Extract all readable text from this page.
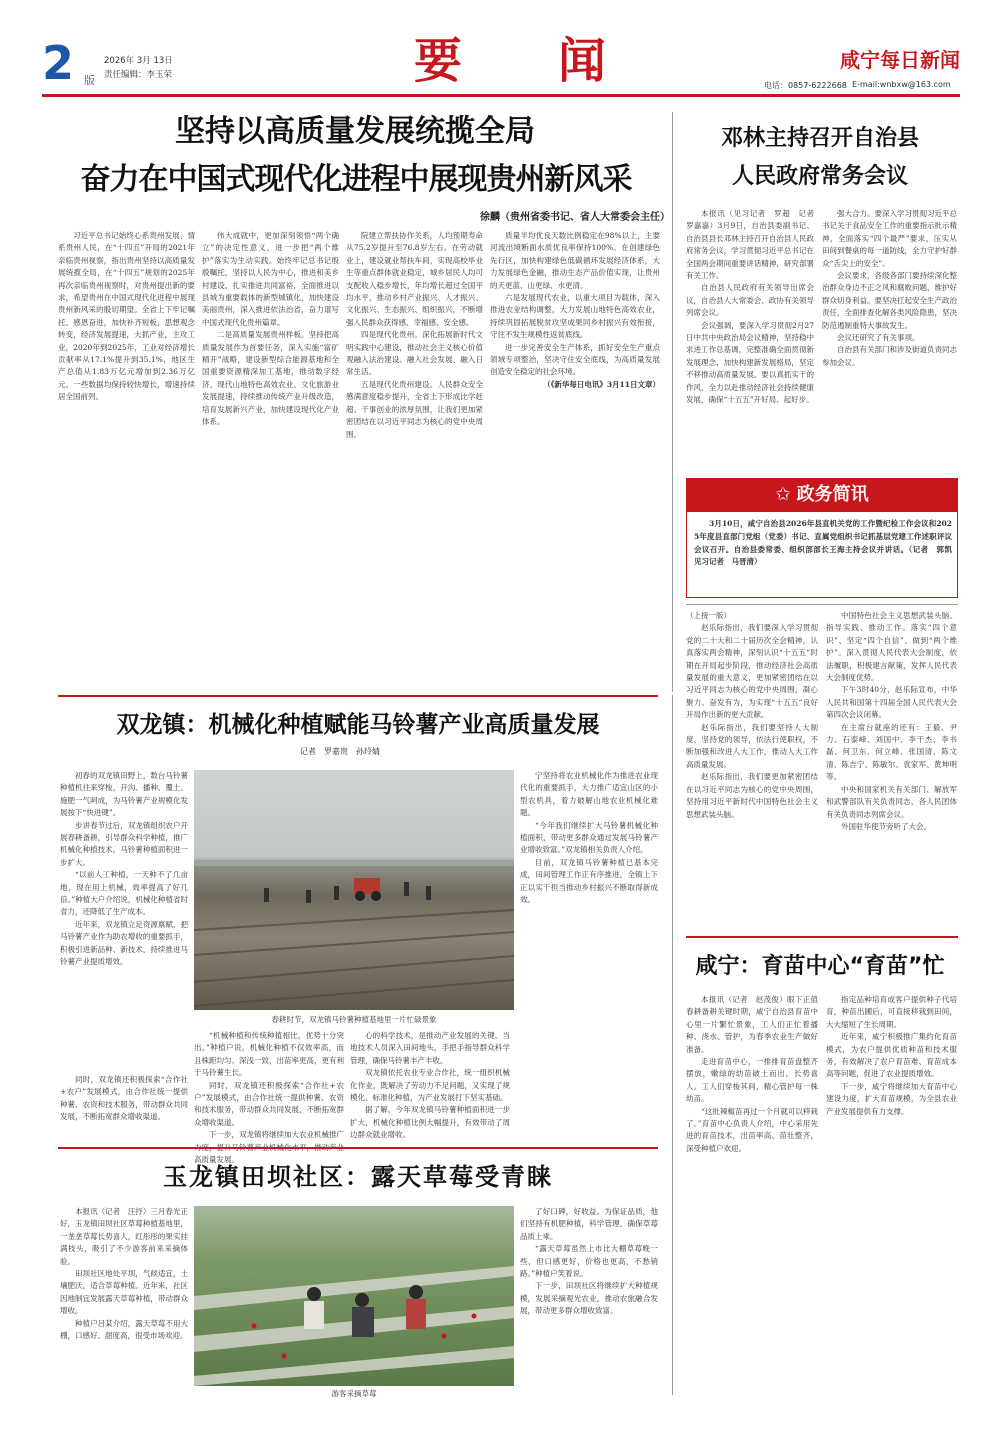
2 版
2026年 3月 13日
责任编辑：李玉荣	要　　闻	咸宁每日新闻
电话：0857-6222668 E-mail:wnbxw@163.com
坚持以高质量发展统揽全局
奋力在中国式现代化进程中展现贵州新风采
徐麟（贵州省委书记、省人大常委会主任）

习近平总书记始终心系贵州发展、情系贵州人民，在“十四五”开局的2021年亲临贵州视察，指出贵州坚持以高质量发展统揽全局，在“十四五”规划的2025年再次亲临贵州视察时，对贵州提出新的要求，希望贵州在中国式现代化进程中展现贵州新风采的殷切期望。全省上下牢记嘱托、感恩奋进，加快补齐短板，思想观念转变，经济发展提速，大抓产业，主攻工业，2020年到2025年，工业对经济增长贡献率从17.1%提升到35.1%，地区生产总值从1.83万亿元增加到2.36万亿元。一些数据均保持较快增长，增速持续居全国前列。

伟大成就中，更加深刻领悟“两个确立”的决定性意义，进一步把“两个维护”落实为生动实践。始终牢记总书记殷殷嘱托，坚持以人民为中心，推进和美乡村建设，扎实推进共同富裕，全面推进以县城为重要载体的新型城镇化，加快建设美丽贵州，深入推进依法治省，奋力谱写中国式现代化贵州篇章。

二是高质量发展贵州样板。坚持把高质量发展作为首要任务，深入实施“富矿精开”战略，建设新型综合能源基地和全国重要资源精深加工基地，推动数字经济、现代山地特色高效农业、文化旅游业发展提速，持续推动传统产业升级改造，培育发展新兴产业，加快建设现代化产业体系。

院建立帮扶协作关系，人均预期寿命从75.2岁提升至76.8岁左右。在劳动就业上，建设就业帮扶车间，实现高校毕业生等重点群体就业稳定，城乡居民人均可支配收入稳步增长，年均增长超过全国平均水平，推动乡村产业振兴、人才振兴、文化振兴、生态振兴、组织振兴，不断增强人民群众获得感、幸福感、安全感。

四是现代化贵州。深化拓展新时代文明实践中心建设，推动社会主义核心价值观融入法治建设、融入社会发展、融入日常生活。

五是现代化贵州建设。人民群众安全感满意度稳步提升，全省上下形成比学赶超、干事创业的浓厚氛围，让我们更加紧密团结在以习近平同志为核心的党中央周围。

质量半均优良天数比例稳定在98%以上，主要河流出境断面水质优良率保持100%。在创建绿色先行区，加快构建绿色低碳循环发展经济体系，大力发展绿色金融，推动生态产品价值实现，让贵州的天更蓝、山更绿、水更清。

六是发展现代农业，以重大项目为载体，深入推进农业结构调整，大力发展山地特色高效农业，持续巩固拓展脱贫攻坚成果同乡村振兴有效衔接，守住不发生规模性返贫底线。

进一步完善安全生产体系，抓好安全生产重点领域专项整治，坚决守住安全底线，为高质量发展创造安全稳定的社会环境。

（《新华每日电讯》3月11日文章）

邓林主持召开自治县
人民政府常务会议

本报讯（见习记者　罗超　记者　罗嘉嘉）3月9日，自治县委副书记、自治县县长邓林主持召开自治县人民政府常务会议，学习贯彻习近平总书记在全国两会期间重要讲话精神，研究部署有关工作。

自治县人民政府有关领导出席会议，自治县人大常委会、政协有关领导列席会议。

会议强调，要深入学习贯彻2月27日中共中央政治局会议精神，坚持稳中求进工作总基调，完整准确全面贯彻新发展理念，加快构建新发展格局，坚定不移推动高质量发展。要以真抓实干的作风，全力以赴推动经济社会持续健康发展，确保“十五五”开好局、起好步。

强大合力。要深入学习贯彻习近平总书记关于食品安全工作的重要指示批示精神，全面落实“四个最严”要求，压实从田间到餐桌的每一道防线，全力守护好群众“舌尖上的安全”。

会议要求，各级各部门要持续深化整治群众身边不正之风和腐败问题，维护好群众切身利益。要坚决扛起安全生产政治责任，全面排查化解各类风险隐患，坚决防范遏制重特大事故发生。

会议还研究了有关事项。

自治县有关部门和涉及街道负责同志参加会议。

✩ 政务简讯

3月10日，咸宁自治县2026年县直机关党的工作暨纪检工作会议和2025年度县直部门党组（党委）书记、直属党组织书记抓基层党建工作述职评议会议召开。自治县委常委、组织部部长王海主持会议并讲话。（记者　郭凯　见习记者　马晋清）

（上接一版）

赵乐际指出，我们要深入学习贯彻党的二十大和二十届历次全会精神，认真落实两会精神，深刻认识“十五五”时期在开局起步阶段，推动经济社会高质量发展的重大意义，更加紧密团结在以习近平同志为核心的党中央周围，凝心聚力、奋发有为，为实现“十五五”良好开局作出新的更大贡献。

赵乐际指出，我们要坚持人大制度，坚持党的领导，依法行使职权，不断加强和改进人大工作，推动人大工作高质量发展。

赵乐际指出，我们要更加紧密团结在以习近平同志为核心的党中央周围，坚持用习近平新时代中国特色社会主义思想武装头脑。

中国特色社会主义思想武装头脑、指导实践、推动工作。落实“四个意识”、坚定“四个自信”、做到“两个维护”。深入贯彻人民代表大会制度，依法履职，积极建言献策，发挥人民代表大会制度优势。

下午3时40分，赵乐际宣布，中华人民共和国第十四届全国人民代表大会第四次会议闭幕。

在主席台就座的还有：王毅、尹力、石泰峰、刘国中、李干杰、李书磊、何卫东、何立峰、张国清、陈文清、陈吉宁、陈敏尔、袁家军、黄坤明等。

中央和国家机关有关部门、解放军和武警部队有关负责同志，各人民团体有关负责同志列席会议。

外国驻华使节旁听了大会。

双龙镇：机械化种植赋能马铃薯产业高质量发展
记者　罗嘉贵　孙玲婧

初春的双龙镇田野上，数台马铃薯种植机往来穿梭，开沟、播种、覆土、施肥一气呵成，为马铃薯产业规模化发展按下“快进键”。

步讲春节过后，双龙镇组织农户开展春耕备耕，引导群众科学种植，推广机械化种植技术，马铃薯种植面积进一步扩大。

“以前人工种植，一天种不了几亩地，现在用上机械，效率提高了好几倍。”种植大户介绍说，机械化种植省时省力，还降低了生产成本。

近年来，双龙镇立足资源禀赋，把马铃薯产业作为助农增收的重要抓手，积极引进新品种、新技术，持续推进马铃薯产业提质增效。

春耕时节，双龙镇马铃薯种植基地里一片忙碌景象

“机械种植和传统种植相比，优势十分突出。”种植户说，机械化种植不仅效率高，而且株距均匀、深浅一致，出苗率更高，更有利于马铃薯生长。

同时，双龙镇还积极探索“合作社+农户”发展模式，由合作社统一提供种薯、农资和技术服务，带动群众共同发展，不断拓宽群众增收渠道。

下一步，双龙镇将继续加大农业机械推广 高质量发展。

心的科学技术，是推动产业发展的关键。当地技术人员深入田间地头，手把手指导群众科学管理，确保马铃薯丰产丰收。

双龙镇依托农业专业合作社，统一组织机械化作业，既解决了劳动力不足问题，又实现了规模化、标准化种植，为产业发展打下坚实基础。

据了解，今年双龙镇马铃薯种植面积进一步扩大，机械化种植比例大幅提升，有效带动了周边群众就业增收。

同时，双龙镇还积极探索“合作社+农户”发展模式，由合作社统一提供种薯、农资和技术服务，带动群众共同发展，不断拓宽群众增收渠道。

宁坚持将农业机械化作为推进农业现代化的重要抓手，大力推广适宜山区的小型农机具，着力破解山地农业机械化难题。

“今年我们继续扩大马铃薯机械化种植面积，带动更多群众通过发展马铃薯产业增收致富。”双龙镇相关负责人介绍。

目前，双龙镇马铃薯种植已基本完成，田间管理工作正有序推进，全镇上下正以实干担当推动乡村振兴不断取得新成效。

玉龙镇田坝社区：露天草莓受青睐

本报讯（记者　汪抒）三月春光正好，玉龙镇田坝社区草莓种植基地里，一垄垄草莓长势喜人，红彤彤的果实挂满枝头，吸引了不少游客前来采摘体验。

田坝社区地处平坝，气候适宜，土壤肥沃，适合草莓种植。近年来，社区因地制宜发展露天草莓种植，带动群众增收。

种植户吕某介绍，露天草莓不用大棚，口感好、甜度高，很受市场欢迎。

游客采摘草莓

了好口碑，好收益。为保证品质，他们坚持有机肥种植，科学管理，确保草莓品质上乘。

“露天草莓虽然上市比大棚草莓晚一些，但口感更好，价格也更高，不愁销路。”种植户笑着说。

下一步，田坝社区将继续扩大种植规模，发展采摘观光农业，推动农旅融合发展，带动更多群众增收致富。

咸宁：育苗中心“育苗”忙

本报讯（记者　赵茂俊）眼下正值春耕备耕关键时期，咸宁自治县育苗中心里一片繁忙景象，工人们正忙着播种、浇水、管护，为春季农业生产做好准备。

走进育苗中心，一排排育苗盘整齐摆放，嫩绿的幼苗破土而出，长势喜人。工人们穿梭其间，精心管护每一株幼苗。

“这批辣椒苗再过一个月就可以移栽了。”育苗中心负责人介绍，中心采用先进的育苗技术，出苗率高、苗壮整齐，深受种植户欢迎。

指定品种培育或客户提供种子代培育，种苗出圃后，可直接移栽到田间，大大缩短了生长周期。

近年来，咸宁积极推广集约化育苗模式，为农户提供优质种苗和技术服务，有效解决了农户育苗难、育苗成本高等问题，促进了农业提质增效。

下一步，咸宁将继续加大育苗中心建设力度，扩大育苗规模，为全县农业产业发展提供有力支撑。
